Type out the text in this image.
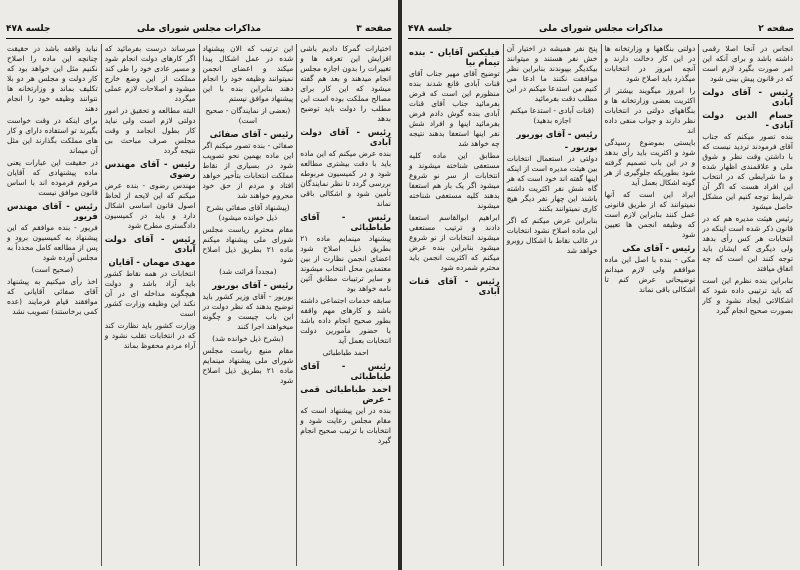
صفحه ۳
مذاکرات مجلس شورای ملی
جلسه ۴۷۸

اختیارات گمرکا دادیم باشی افزایش این تعرفه ها و تغییرات را بدون اجازه مجلس انجام میدهند و بعد هم گفته میشود که این کار برای مصالح مملکت بوده است این مطلب را دولت باید توضیح بدهد

رئیس - آقای دولت آبادی

بنده عرض میکنم که این ماده باید با دقت بیشتری مطالعه شود و در کمیسیون مربوطه بررسی گردد تا نظر نمایندگان تأمین شود و اشکالی باقی نماند

رئیس - آقای طباطبائی

پیشنهاد مینمایم ماده ۲۱ بطریق ذیل اصلاح شود اعضای انجمن نظارت از بین معتمدین محل انتخاب میشوند و سایر ترتیبات مطابق آئین نامه خواهد بود

سابقه خدمات اجتماعی داشته باشد و کارهای مهم واقفه بطور صحیح انجام داده باشد با حضور مأمورین دولت انتخابات بعمل آید

احمد طباطبائی

رئیس - آقای طباطبائی

احمد طباطبائی قمی - عرض

بنده در این پیشنهاد است که مقام مجلس رعایت شود و انتخابات با ترتیب صحیح انجام گیرد

این ترتیب که الان پیشنهاد شده در عمل اشکال پیدا میکند و اعضای انجمن نمیتوانند وظیفه خود را انجام دهند بنابراین بنده با این پیشنهاد موافق نیستم

(بعضی از نمایندگان - صحیح است)

رئیس - آقای صفائی

صفائی - بنده تصور میکنم اگر این ماده بهمین نحو تصویب شود در بسیاری از نقاط مملکت انتخابات بتأخیر خواهد افتاد و مردم از حق خود محروم خواهند شد

(پیشنهاد آقای صفائی بشرح ذیل خوانده میشود)

مقام محترم ریاست مجلس شورای ملی پیشنهاد میکنم ماده ۲۱ بطریق ذیل اصلاح شود

(مجدداً قرائت شد)

رئیس - آقای بوربور

بوربور - آقای وزیر کشور باید توضیح بدهند که نظر دولت در این باب چیست و چگونه میخواهند اجرا کنند

(بشرح ذیل خوانده شد)

مقام منیع ریاست مجلس شورای ملی پیشنهاد مینمایم ماده ۲۱ بطریق ذیل اصلاح شود

میرساند درست بفرمائید که اگر کارهای دولت انجام شود و مسیر عادی خود را طی کند مملکت از این وضع خارج میشود و اصلاحات لازم عملی میگردد

البته مطالعه و تحقیق در امور دولتی لازم است ولی نباید کار بطول انجامد و وقت مجلس صرف مباحث بی نتیجه گردد

رئیس - آقای مهندس رضوی

مهندس رضوی - بنده عرض میکنم که این لایحه از لحاظ اصول قانون اساسی اشکال دارد و باید در کمیسیون دادگستری مطرح شود

رئیس - آقای دولت آبادی

مهدی مهمان - آقایان

انتخابات در همه نقاط کشور باید آزاد باشد و دولت هیچگونه مداخله ای در آن نکند این وظیفه وزارت کشور است

وزارت کشور باید نظارت کند که در انتخابات تقلب نشود و آراء مردم محفوظ بماند

نباید واقفه باشد در حقیقت چنانچه این ماده را اصلاح نکنیم مثل این خواهد بود که کار دولت و مجلس هر دو بلا تکلیف بماند و وزارتخانه ها نتوانند وظیفه خود را انجام دهند

برای اینکه در وقت خواست بگیرند تو استفاده دارای و کار های مملکت بگذارند این مثل آن میماند

در حقیقت این عبارات یعنی ماده پیشنهادی که آقایان مرقوم فرموده اند با اساس قانون موافق نیست

رئیس - آقای مهندس فریور

فریور - بنده موافقم که این پیشنهاد به کمیسیون برود و پس از مطالعه کامل مجدداً به مجلس آورده شود

(صحیح است)

اخذ رأی میکنیم به پیشنهاد آقای صفائی آقایانی که موافقند قیام فرمایند (عده کمی برخاستند) تصویب نشد

صفحه ۲
مذاکرات مجلس شورای ملی
جلسه ۴۷۸

انجاس در آنجا اصلا رقمی داشته باشد و برای آنکه این امر صورت بگیرد لازم است که در قانون پیش بینی شود

رئیس - آقای دولت آبادی

حسام الدین دولت آبادی -

بنده تصور میکنم که جناب آقای فرمودند تردید نیست که با داشتن وقت نظر و شوق ملی و علاقمندی اظهار شده و ما شرایطی که در انتخاب این افراد هست که اگر آن شرایط توجه کنیم این مشکل حاصل میشود

رئیس هیئت مدیره هم که در قانون ذکر شده است اینکه در انتخابات هر کس رأی بدهد ولی دیگری که ایشان باید توجه کنند این است که چه اتفاق میافتد

بنابراین بنده نظرم این است که باید ترتیبی داده شود که اشکالاتی ایجاد نشود و کار بصورت صحیح انجام گیرد

دولتی بنگاهها و وزارتخانه ها در این کار دخالت دارند و آنچه امروز در انتخابات میگذرد باید اصلاح شود

را امروز میگویند بیشتر از اکثریت بعضی وزارتخانه ها و بنگاههای دولتی در انتخابات نظر دارند و جواب منفی داده اند

بایستی بموضوع رسیدگی شود و اکثریت باید رأی بدهد و در این باب تصمیم گرفته شود بطوریکه جلوگیری از هر گونه اشکال بعمل آید

ایراد این است که آنها نمیتوانند که از طریق قانونی عمل کنند بنابراین لازم است که وظیفه انجمن ها تعیین شود

رئیس - آقای مکی

مکی - بنده با اصل این ماده موافقم ولی لازم میدانم توضیحاتی عرض کنم تا اشکالی باقی نماند

پنج نفر همیشه در اختیار آن خش نفر هستند و میتوانند بیکدیگر بپیوندند بنابراین نظر موافقت نکنند ما ادعا می کنیم من استدعا میکنم در این مطلب دقت بفرمائید

(قنات آبادی - استدعا میکنم اجازه بدهید)

رئیس - آقای بوربور

بوربور -

دولتی در استعمال انتخابات بین هیئت مدیره است از اینکه اینها گفته اند خود است که هر گاه شش نفر اکثریت داشته باشند این چهار نفر دیگر هیچ کاری نمیتوانند بکنند

بنابراین عرض میکنم که اگر این ماده اصلاح نشود انتخابات در غالب نقاط با اشکال روبرو خواهد شد

فیلیکس آقایان - بنده تیمام بیا

توضیح آقای مهیر جناب آقای قنات آبادی قانع شدند بنده منظورم این است که فرض بفرمائید جناب آقای قنات آبادی بنده گوش دادم فرض بفرمائید اینها و افراد شش نفر اینها استعفا بدهند نتیجه چه خواهد شد

مطابق این ماده کلیه مستعفی شناخته میشوند و انتخابات از سر نو شروع میشود اگر یک بار هم استعفا بدهند کلیه مستعفی شناخته میشوند

ابراهیم ابوالقاسم استعفا دادند و ترتیب مستعفی میشوند انتخابات از نو شروع میشود بنابراین بنده عرض میکنم که اکثریت انجمن باید محترم شمرده شود

رئیس - آقای قنات آبادی
